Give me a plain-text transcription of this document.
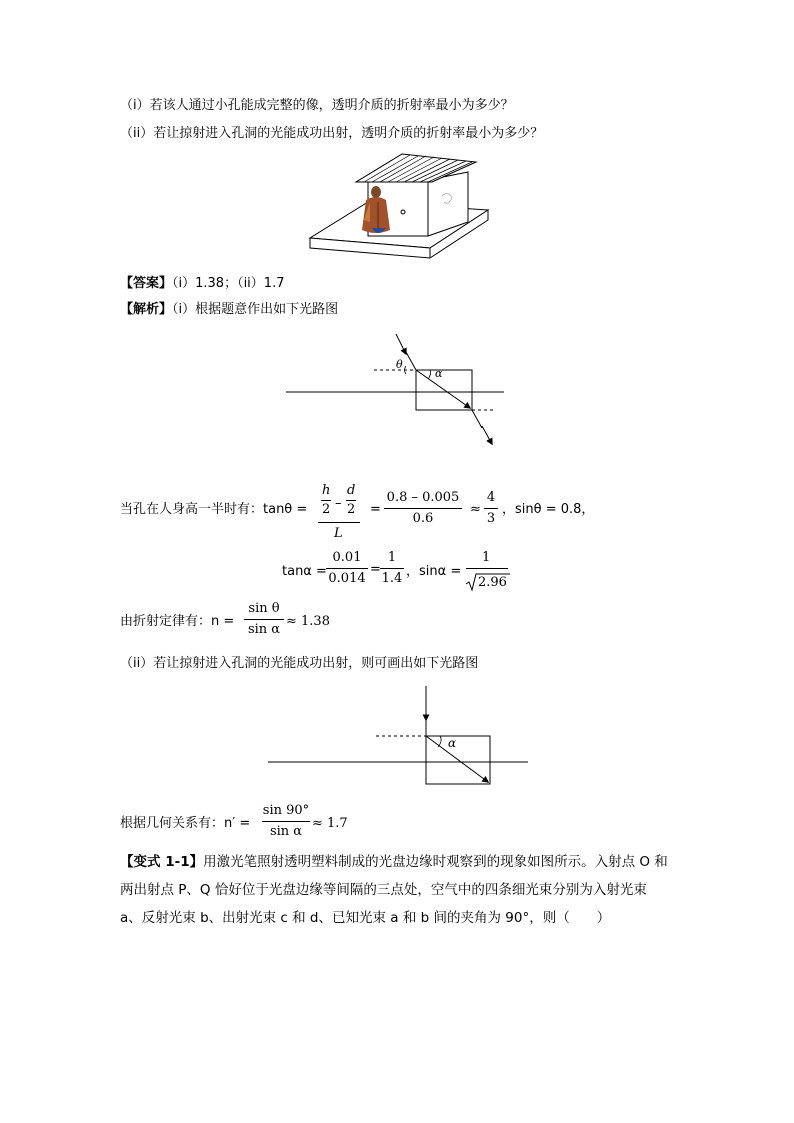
（i）若该人通过小孔能成完整的像，透明介质的折射率最小为多少？
（ii）若让掠射进入孔洞的光能成功出射，透明介质的折射率最小为多少？
【答案】（i）1.38；（ii）1.7
【解析】（i）根据题意作出如下光路图
θ
α
当孔在人身高一半时有：tanθ =
h
2 –
d
2
L
=
0.8 – 0.005
0.6
≈
4
3
，sinθ = 0.8，
tanα =
0.01
0.014
=
1
1.4 ，sinα =
1
2.96
由折射定律有：n =
sin θ
sin α
≈ 1.38
（ii）若让掠射进入孔洞的光能成功出射，则可画出如下光路图
α
根据几何关系有：n′ =
sin 90°
sin α
≈ 1.7
【变式 1-1】用激光笔照射透明塑料制成的光盘边缘时观察到的现象如图所示。入射点 O 和
两出射点 P、Q 恰好位于光盘边缘等间隔的三点处，空气中的四条细光束分别为入射光束
a、反射光束 b、出射光束 c 和 d、已知光束 a 和 b 间的夹角为 90°，则（　　）
